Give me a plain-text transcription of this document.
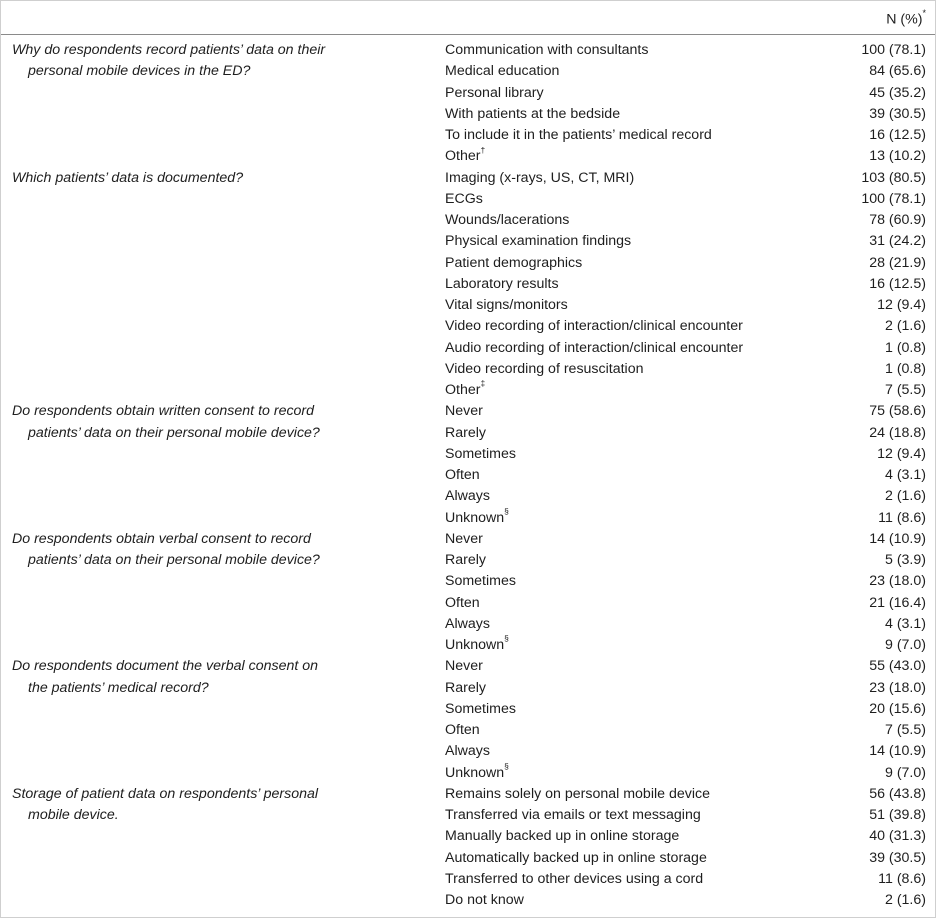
N (%)*
Why do respondents record patients’ data on their	Communication with consultants	100 (78.1)
personal mobile devices in the ED?	Medical education	84 (65.6)
Personal library	45 (35.2)
With patients at the bedside	39 (30.5)
To include it in the patients’ medical record	16 (12.5)
Other†	13 (10.2)
Which patients’ data is documented?	Imaging (x-rays, US, CT, MRI)	103 (80.5)
ECGs	100 (78.1)
Wounds/lacerations	78 (60.9)
Physical examination findings	31 (24.2)
Patient demographics	28 (21.9)
Laboratory results	16 (12.5)
Vital signs/monitors	12 (9.4)
Video recording of interaction/clinical encounter	2 (1.6)
Audio recording of interaction/clinical encounter	1 (0.8)
Video recording of resuscitation	1 (0.8)
Other‡	7 (5.5)
Do respondents obtain written consent to record	Never	75 (58.6)
patients’ data on their personal mobile device?	Rarely	24 (18.8)
Sometimes	12 (9.4)
Often	4 (3.1)
Always	2 (1.6)
Unknown§	11 (8.6)
Do respondents obtain verbal consent to record	Never	14 (10.9)
patients’ data on their personal mobile device?	Rarely	5 (3.9)
Sometimes	23 (18.0)
Often	21 (16.4)
Always	4 (3.1)
Unknown§	9 (7.0)
Do respondents document the verbal consent on	Never	55 (43.0)
the patients’ medical record?	Rarely	23 (18.0)
Sometimes	20 (15.6)
Often	7 (5.5)
Always	14 (10.9)
Unknown§	9 (7.0)
Storage of patient data on respondents’ personal	Remains solely on personal mobile device	56 (43.8)
mobile device.	Transferred via emails or text messaging	51 (39.8)
Manually backed up in online storage	40 (31.3)
Automatically backed up in online storage	39 (30.5)
Transferred to other devices using a cord	11 (8.6)
Do not know	2 (1.6)
